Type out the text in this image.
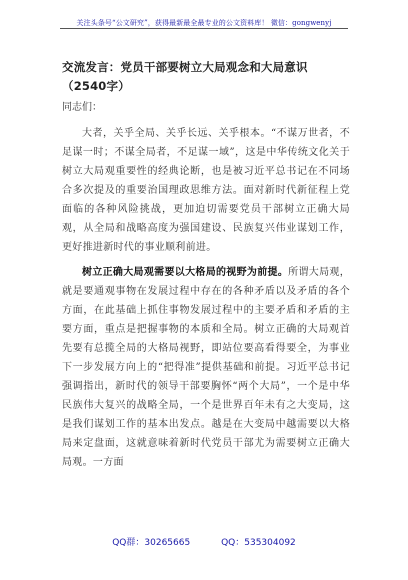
关注头条号“公文研究”，获得最新最全最专业的公文资料库！ 微信：gongwenyj

交流发言：党员干部要树立大局观念和大局意识（2540字）

同志们：

大者，关乎全局、关乎长远、关乎根本。“不谋万世者，不足谋一时；不谋全局者，不足谋一域”，这是中华传统文化关于树立大局观重要性的经典论断，也是被习近平总书记在不同场合多次提及的重要治国理政思维方法。面对新时代新征程上党面临的各种风险挑战，更加迫切需要党员干部树立正确大局观，从全局和战略高度为强国建设、民族复兴伟业谋划工作，更好推进新时代的事业顺利前进。

树立正确大局观需要以大格局的视野为前提。所谓大局观，就是要通观事物在发展过程中存在的各种矛盾以及矛盾的各个方面，在此基础上抓住事物发展过程中的主要矛盾和矛盾的主要方面，重点是把握事物的本质和全局。树立正确的大局观首先要有总揽全局的大格局视野，即站位要高看得要全，为事业下一步发展方向上的“把得准”提供基础和前提。习近平总书记强调指出，新时代的领导干部要胸怀“两个大局”，一个是中华民族伟大复兴的战略全局，一个是世界百年未有之大变局，这是我们谋划工作的基本出发点。越是在大变局中越需要以大格局来定盘面，这就意味着新时代党员干部尤为需要树立正确大局观。一方面

QQ群：30265665	QQ：535304092
